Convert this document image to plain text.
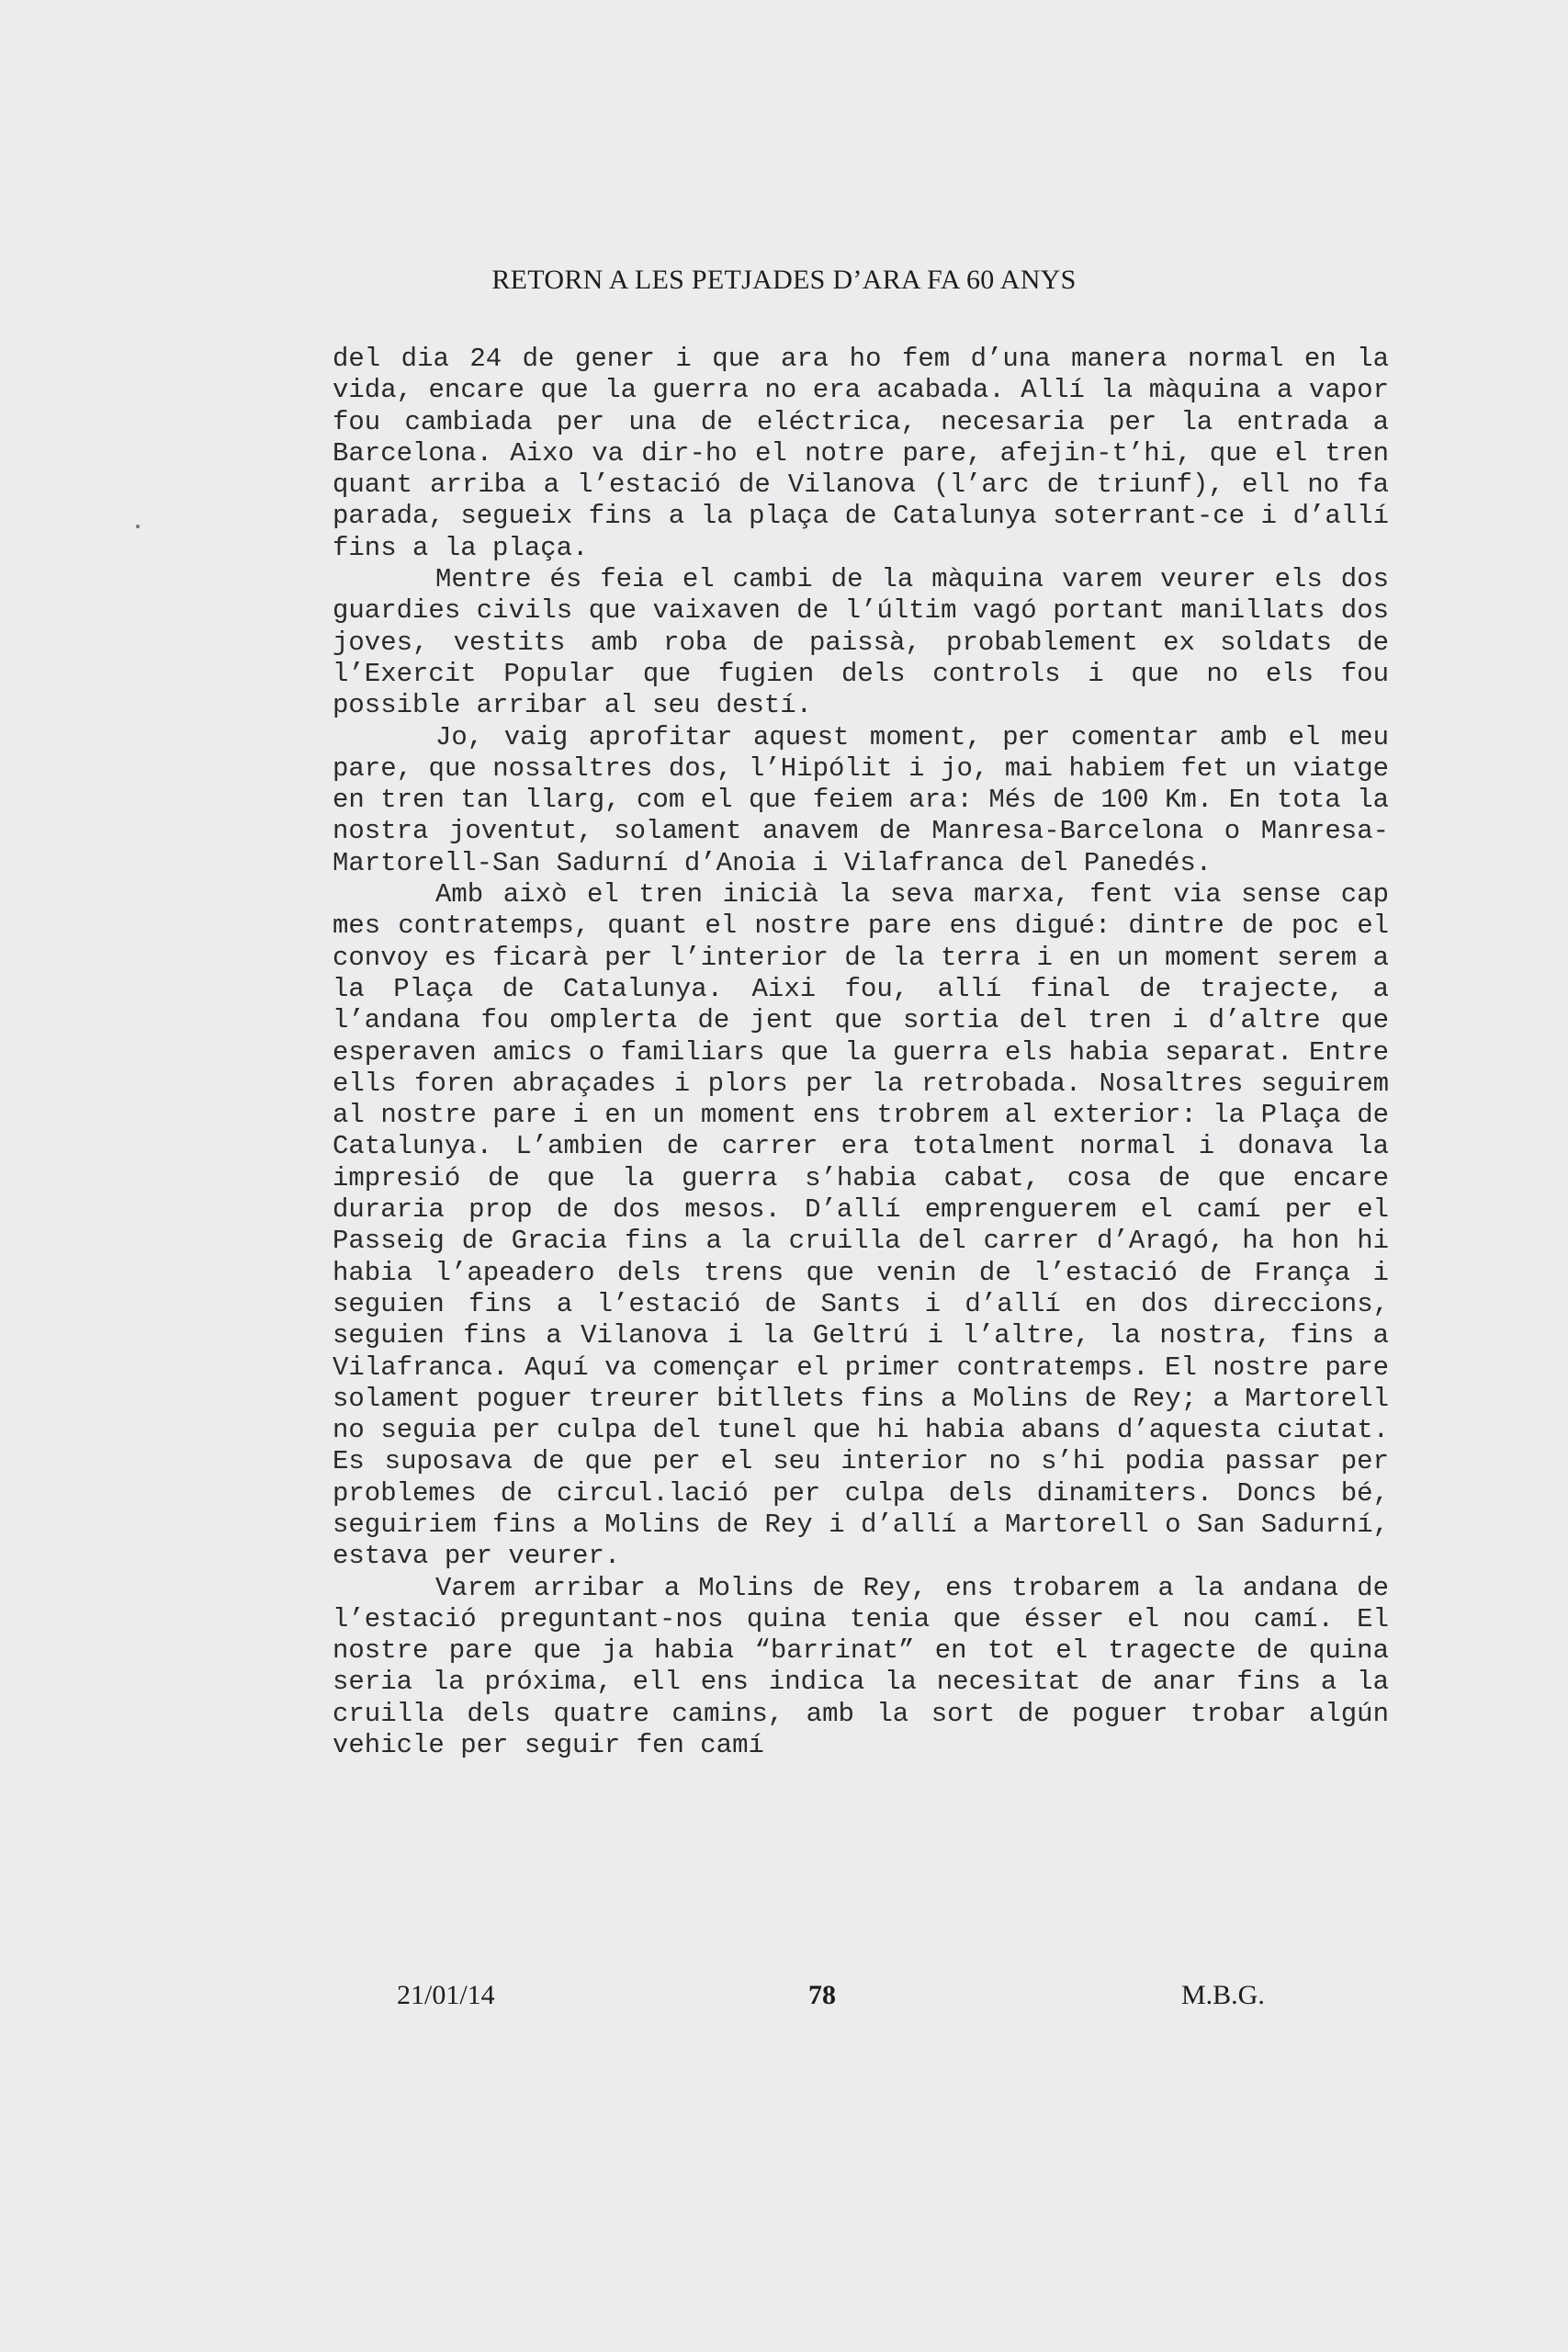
RETORN A LES PETJADES D’ARA FA 60 ANYS

del dia 24 de gener i que ara ho fem d’una manera normal en la vida, encare que la guerra no era acabada. Allí la màquina a vapor fou cambiada per una de eléctrica, necesaria per la entrada a Barcelona. Aixo va dir-ho el notre pare, afejin-t’hi, que el tren quant arriba a l’estació de Vilanova (l’arc de triunf), ell no fa parada, segueix fins a la plaça de Catalunya soterrant-ce i d’allí fins a la plaça.

Mentre és feia el cambi de la màquina varem veurer els dos guardies civils que vaixaven de l’últim vagó portant manillats dos joves, vestits amb roba de paissà, probablement ex soldats de l’Exercit Popular que fugien dels controls i que no els fou possible arribar al seu destí.

Jo, vaig aprofitar aquest moment, per comentar amb el meu pare, que nossaltres dos, l’Hipólit i jo, mai habiem fet un viatge en tren tan llarg, com el que feiem ara: Més de 100 Km. En tota la nostra joventut, solament anavem de Manresa-Barcelona o Manresa-Martorell-San Sadurní d’Anoia i Vilafranca del Panedés.

Amb això el tren inicià la seva marxa, fent via sense cap mes contratemps, quant el nostre pare ens digué: dintre de poc el convoy es ficarà per l’interior de la terra i en un moment serem a la Plaça de Catalunya. Aixi fou, allí final de trajecte, a l’andana fou omplerta de jent que sortia del tren i d’altre que esperaven amics o familiars que la guerra els habia separat. Entre ells foren abraçades i plors per la retrobada. Nosaltres seguirem al nostre pare i en un moment ens trobrem al exterior: la Plaça de Catalunya. L’ambien de carrer era totalment normal i donava la impresió de que la guerra s’habia cabat, cosa de que encare duraria prop de dos mesos. D’allí emprenguerem el camí per el Passeig de Gracia fins a la cruilla del carrer d’Aragó, ha hon hi habia l’apeadero dels trens que venin de l’estació de França i seguien fins a l’estació de Sants i d’allí en dos direccions, seguien fins a Vilanova i la Geltrú i l’altre, la nostra, fins a Vilafranca. Aquí va començar el primer contratemps. El nostre pare solament poguer treurer bitllets fins a Molins de Rey; a Martorell no seguia per culpa del tunel que hi habia abans d’aquesta ciutat. Es suposava de que per el seu interior no s’hi podia passar per problemes de circul.lació per culpa dels dinamiters. Doncs bé, seguiriem fins a Molins de Rey i d’allí a Martorell o San Sadurní, estava per veurer.

Varem arribar a Molins de Rey, ens trobarem a la andana de l’estació preguntant-nos quina tenia que ésser el nou camí. El nostre pare que ja habia “barrinat” en tot el tragecte de quina seria la próxima, ell ens indica la necesitat de anar fins a la cruilla dels quatre camins, amb la sort de poguer trobar algún vehicle per seguir fen camí

21/01/14	78	M.B.G.
